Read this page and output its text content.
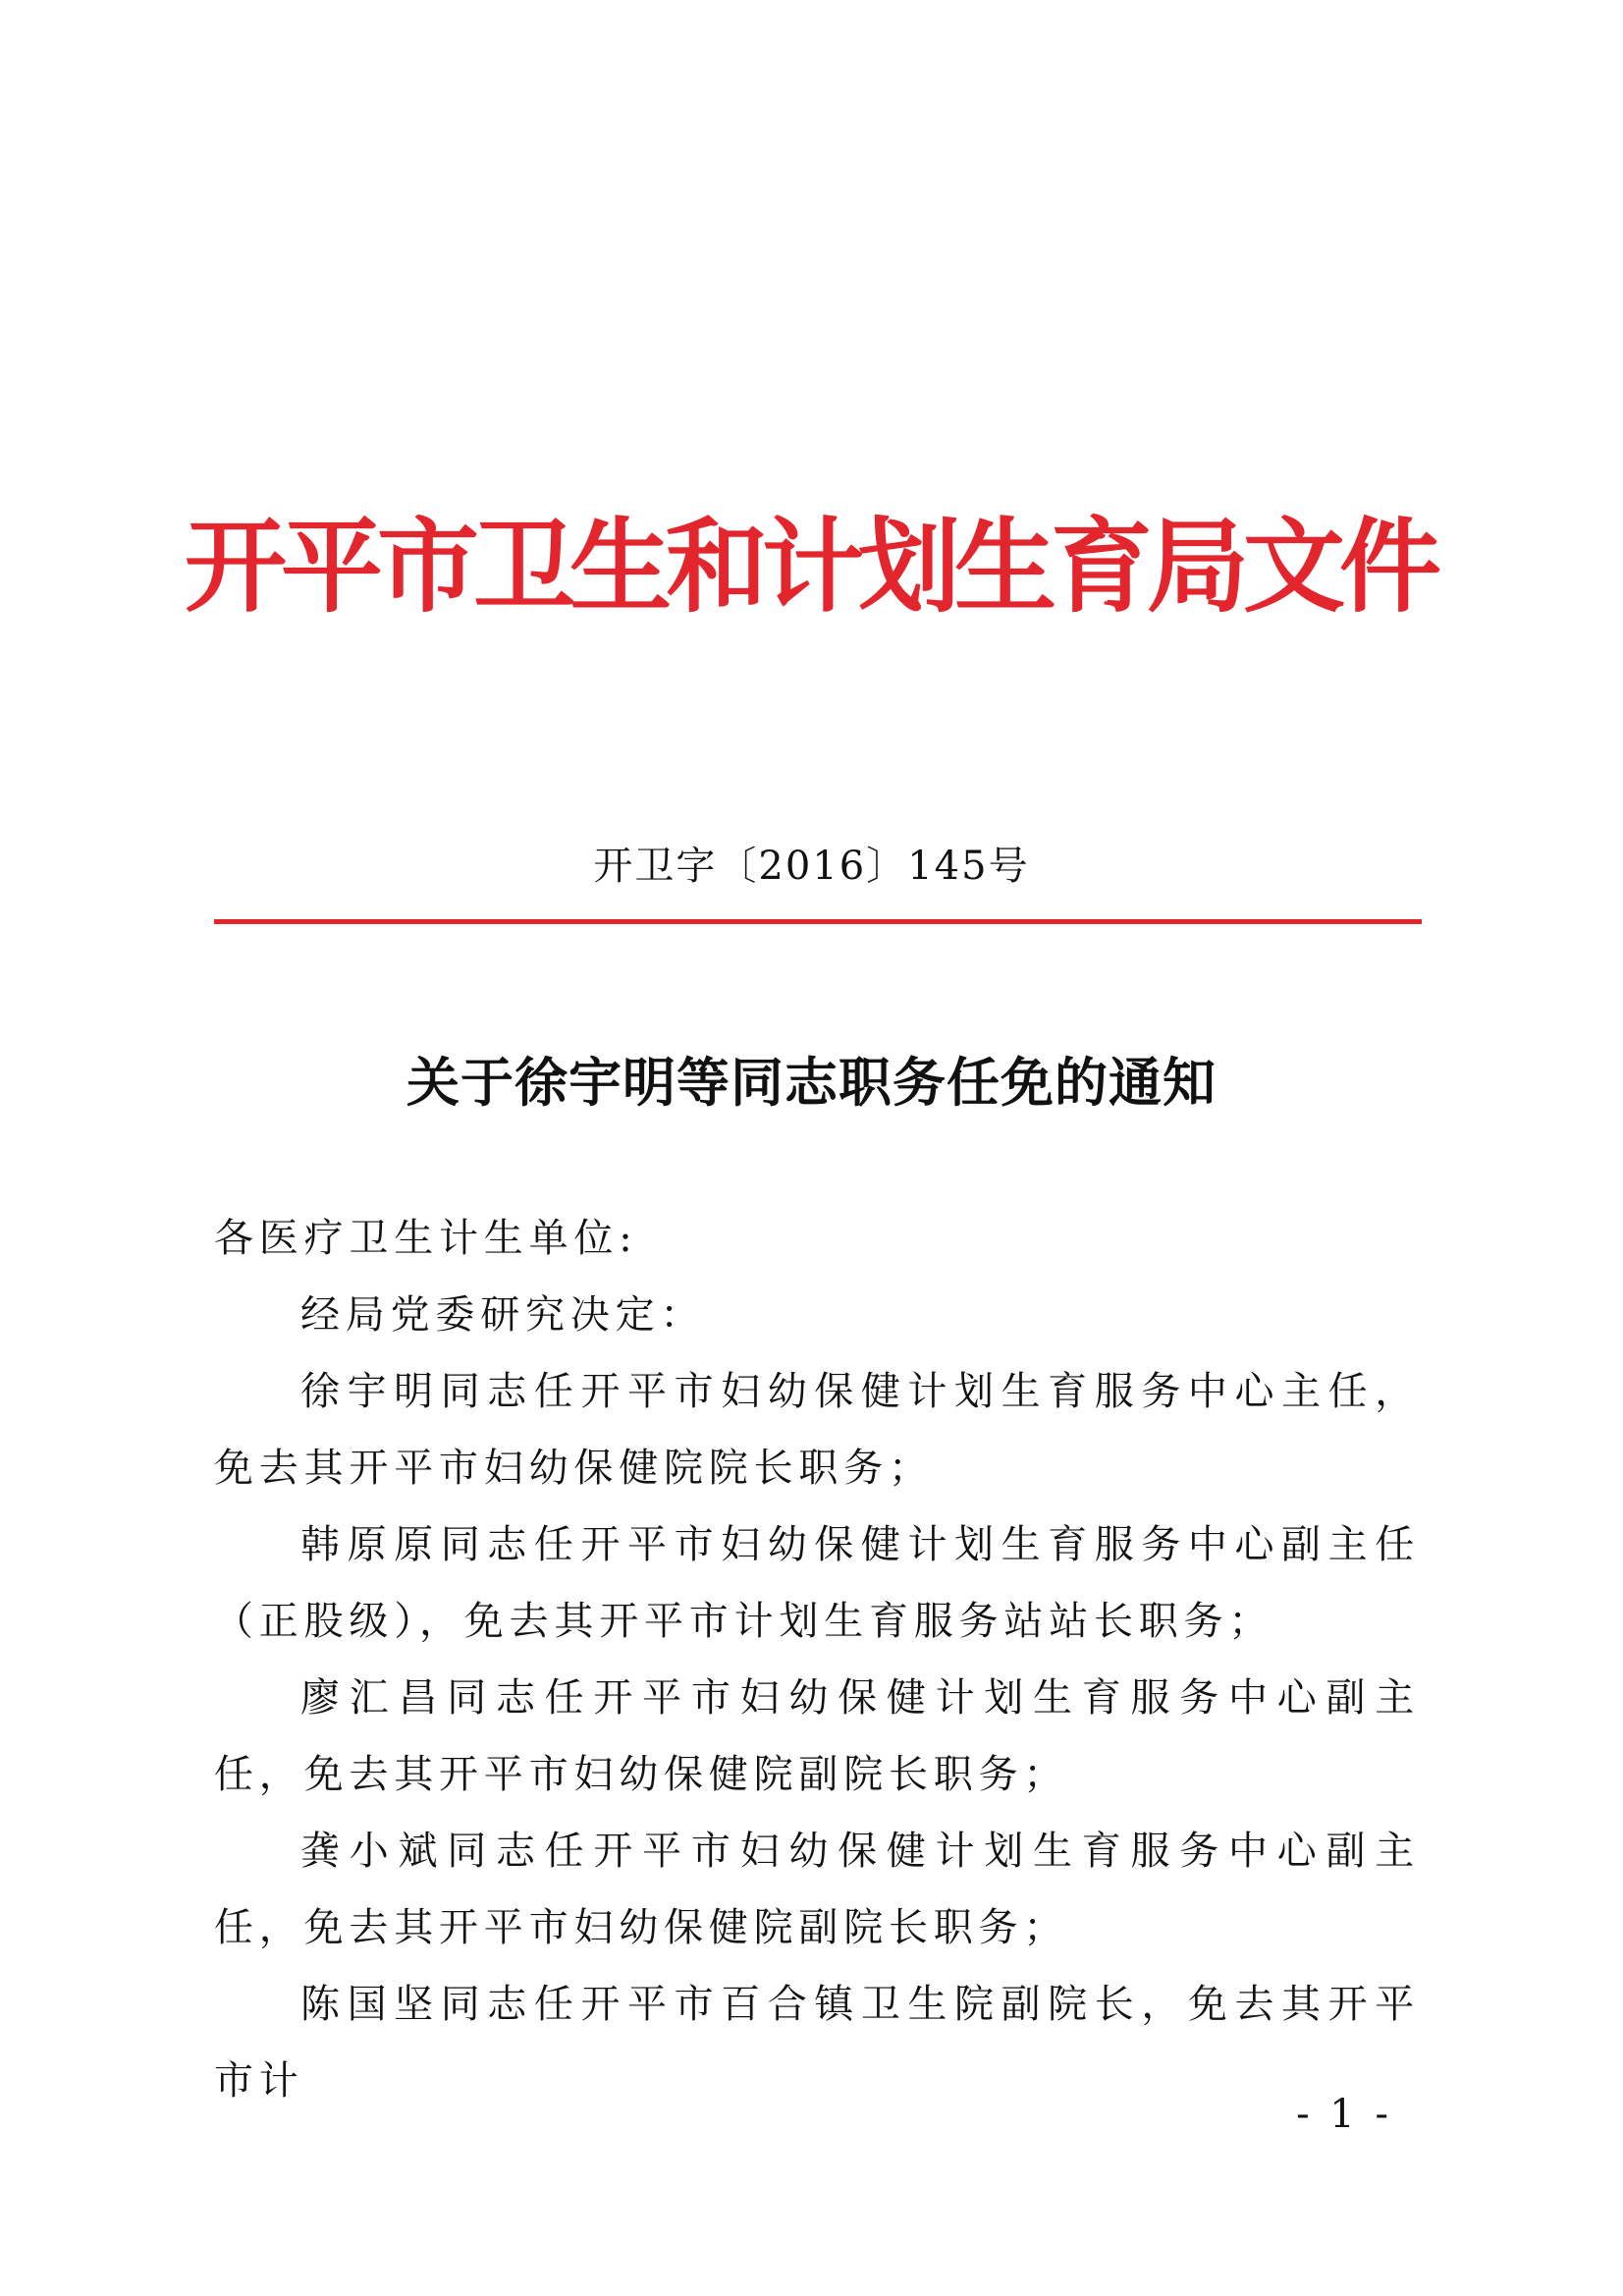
开平市卫生和计划生育局文件
开卫字〔2016〕145号
关于徐宇明等同志职务任免的通知

各医疗卫生计生单位:

经局党委研究决定：

徐宇明同志任开平市妇幼保健计划生育服务中心主任，免去其开平市妇幼保健院院长职务；

韩原原同志任开平市妇幼保健计划生育服务中心副主任（正股级），免去其开平市计划生育服务站站长职务；

廖汇昌同志任开平市妇幼保健计划生育服务中心副主任，免去其开平市妇幼保健院副院长职务；

龚小斌同志任开平市妇幼保健计划生育服务中心副主任，免去其开平市妇幼保健院副院长职务；

陈国坚同志任开平市百合镇卫生院副院长，免去其开平市计

- 1 -
